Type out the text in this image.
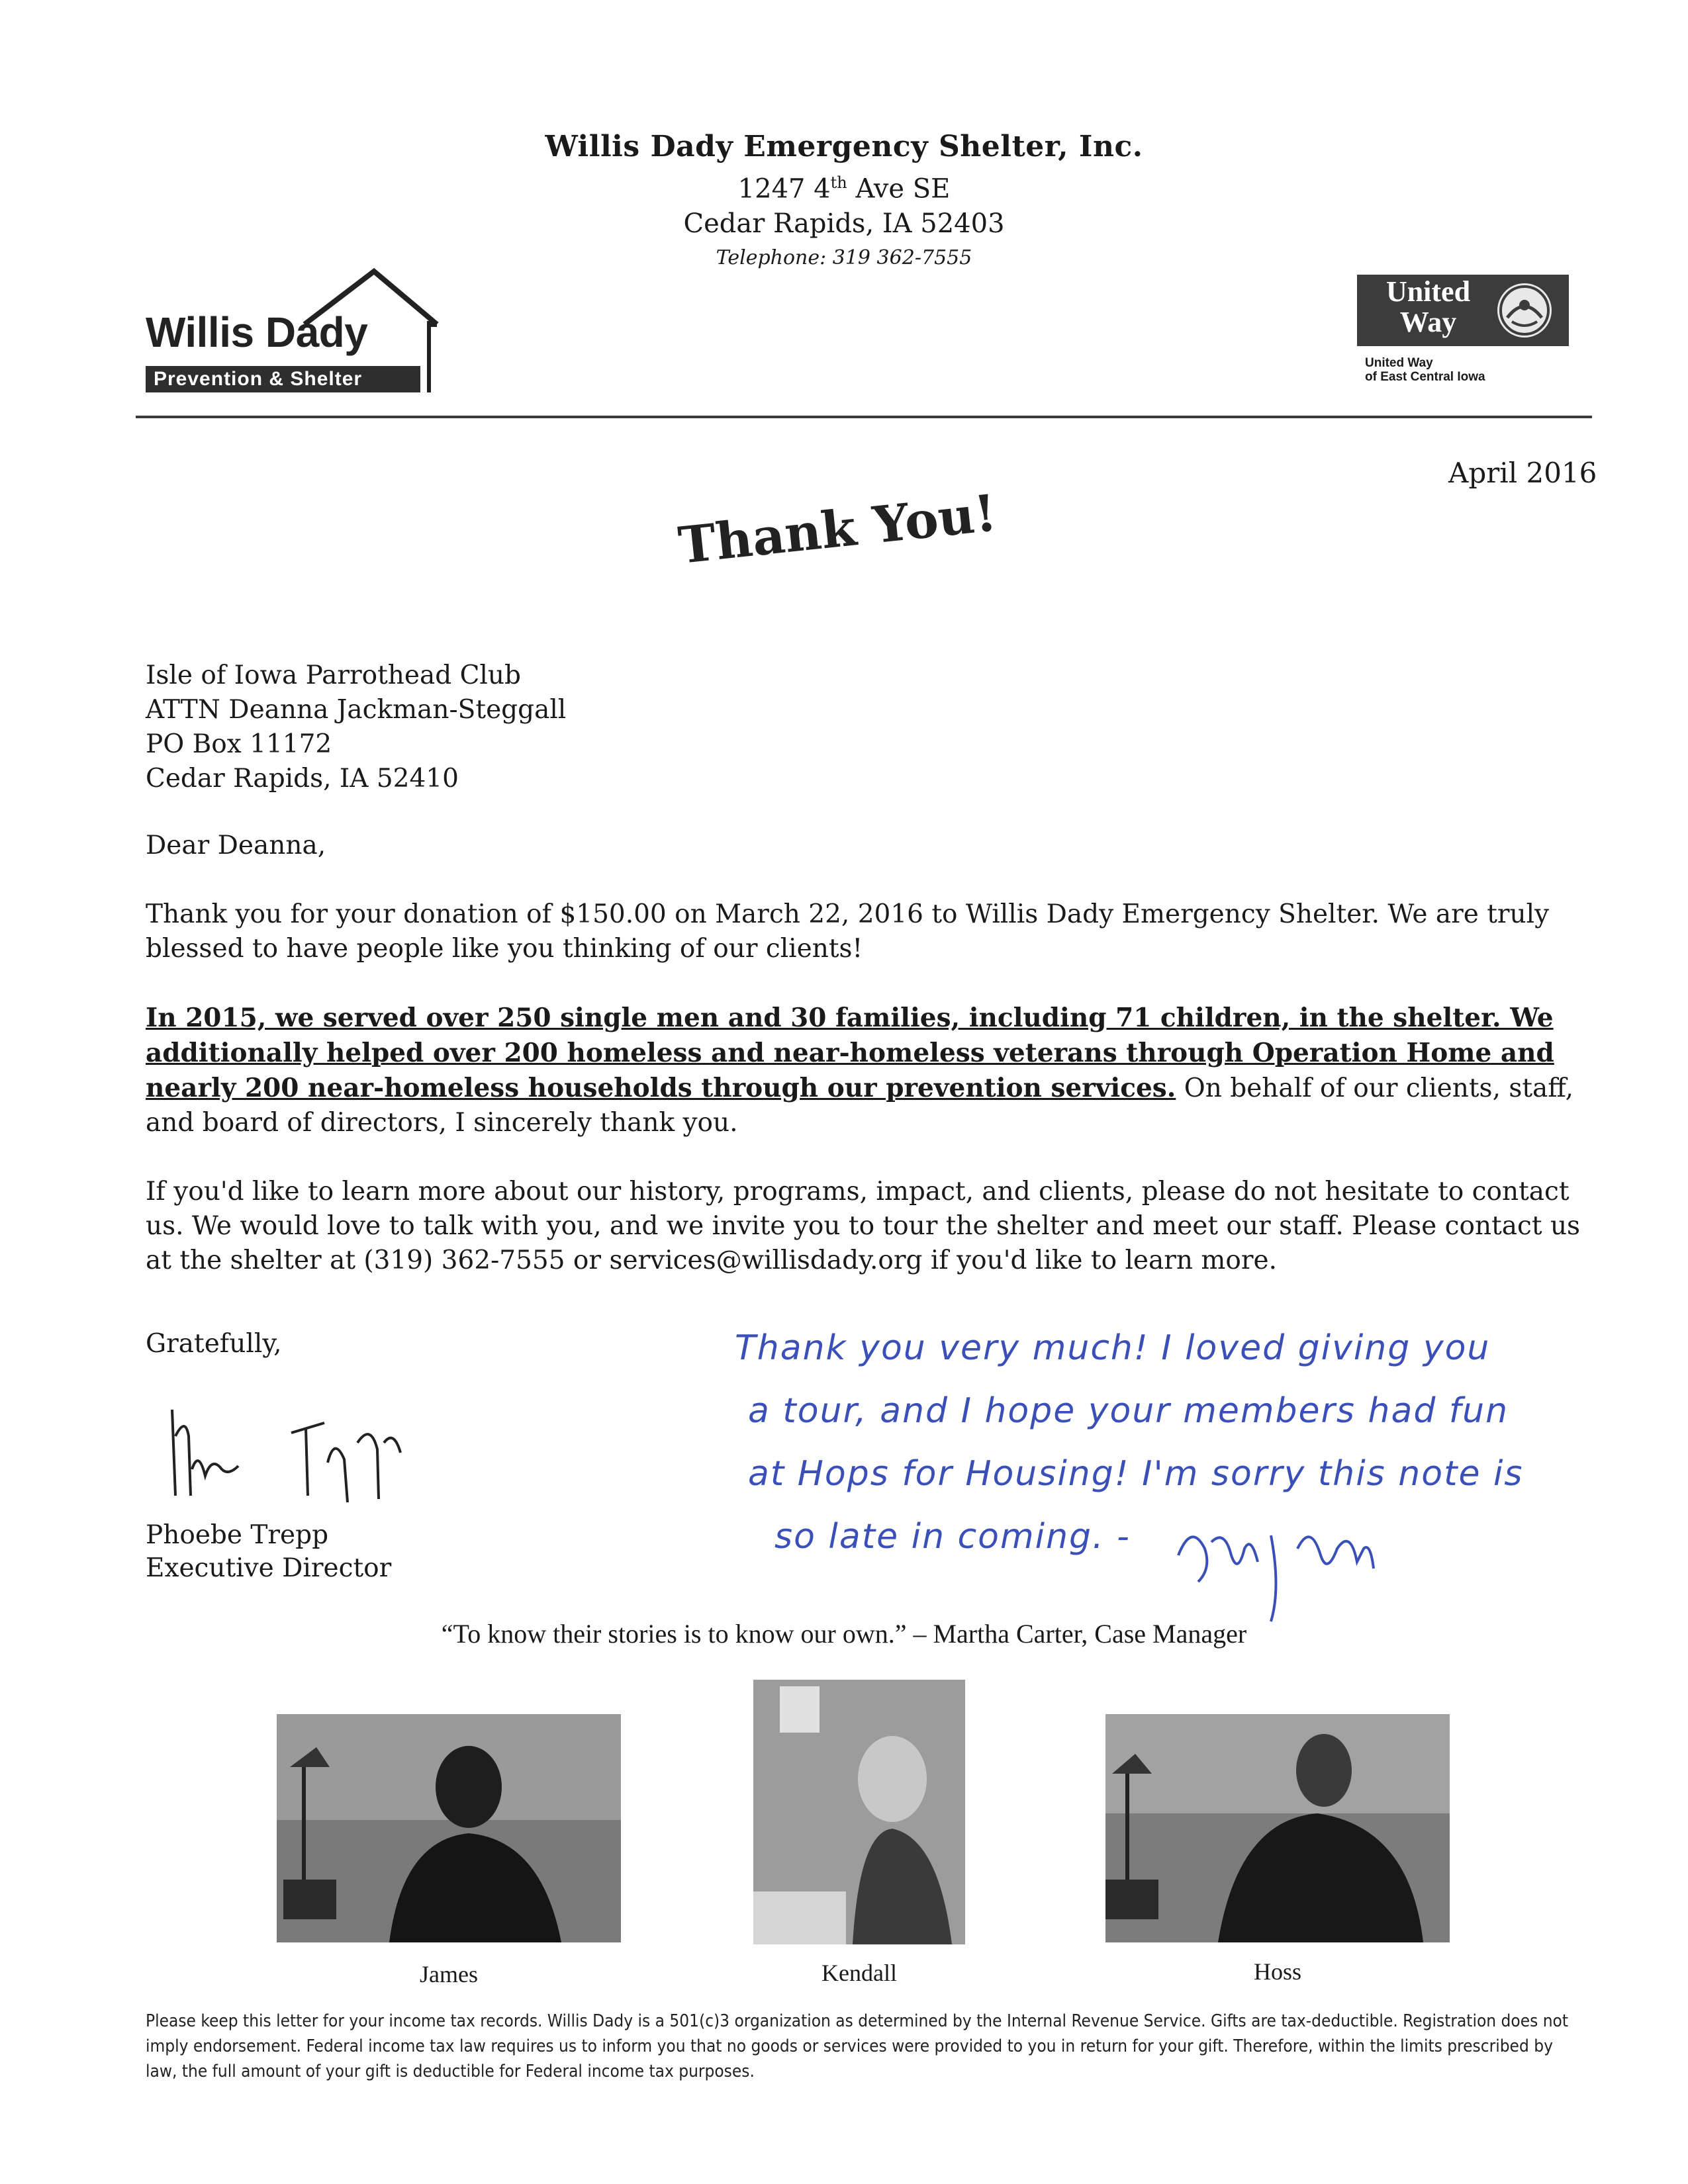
Willis Dady Emergency Shelter, Inc.
1247 4th Ave SE
Cedar Rapids, IA 52403
Telephone: 319 362-7555
Willis Dady
Prevention & Shelter
United
Way
United Way
of East Central Iowa
April 2016
Thank You!
Isle of Iowa Parrothead Club
ATTN Deanna Jackman-Steggall
PO Box 11172
Cedar Rapids, IA 52410
Dear Deanna,
Thank you for your donation of $150.00 on March 22, 2016 to Willis Dady Emergency Shelter. We are truly blessed to have people like you thinking of our clients!
In 2015, we served over 250 single men and 30 families, including 71 children, in the shelter. We additionally helped over 200 homeless and near-homeless veterans through Operation Home and nearly 200 near-homeless households through our prevention services. On behalf of our clients, staff, and board of directors, I sincerely thank you.
If you'd like to learn more about our history, programs, impact, and clients, please do not hesitate to contact us. We would love to talk with you, and we invite you to tour the shelter and meet our staff. Please contact us at the shelter at (319) 362-7555 or services@willisdady.org if you'd like to learn more.
Gratefully,
Phoebe Trepp
Executive Director
Thank you very much! I loved giving you
a tour, and I hope your members had fun
at Hops for Housing! I'm sorry this note is
so late in coming. -
“To know their stories is to know our own.” – Martha Carter, Case Manager
James	Kendall	Hoss
Please keep this letter for your income tax records. Willis Dady is a 501(c)3 organization as determined by the Internal Revenue Service. Gifts are tax-deductible. Registration does not imply endorsement. Federal income tax law requires us to inform you that no goods or services were provided to you in return for your gift. Therefore, within the limits prescribed by law, the full amount of your gift is deductible for Federal income tax purposes.
